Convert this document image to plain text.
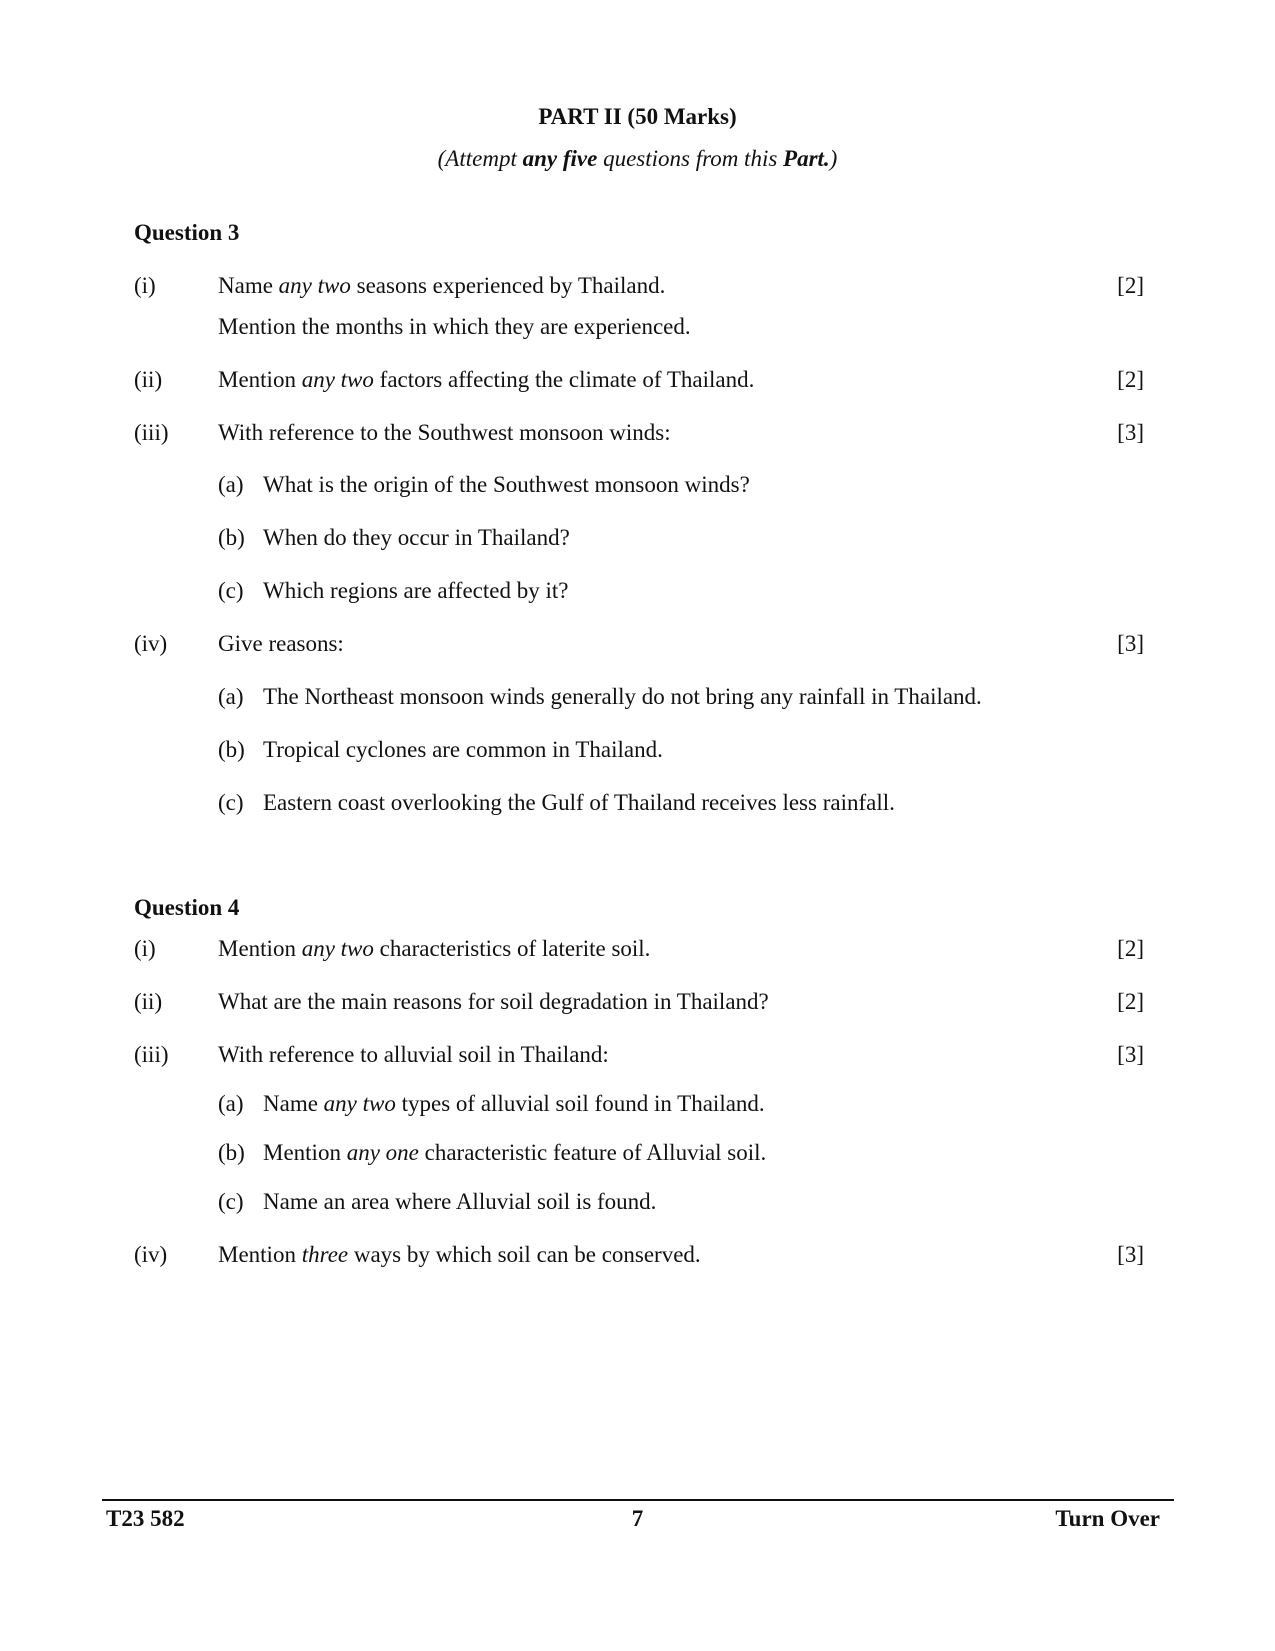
PART II (50 Marks)
(Attempt any five questions from this Part.)
Question 3
(i)	Name any two seasons experienced by Thailand.	[2]
Mention the months in which they are experienced.
(ii) Mention any two factors affecting the climate of Thailand.	[2]
(iii) With reference to the Southwest monsoon winds:	[3]
(a) What is the origin of the Southwest monsoon winds?
(b) When do they occur in Thailand?
(c) Which regions are affected by it?
(iv) Give reasons:	[3]
(a) The Northeast monsoon winds generally do not bring any rainfall in Thailand.
(b) Tropical cyclones are common in Thailand.
(c) Eastern coast overlooking the Gulf of Thailand receives less rainfall.
Question 4
(i)	Mention any two characteristics of laterite soil.	[2]
(ii) What are the main reasons for soil degradation in Thailand?	[2]
(iii) With reference to alluvial soil in Thailand:	[3]
(a) Name any two types of alluvial soil found in Thailand.
(b) Mention any one characteristic feature of Alluvial soil.
(c) Name an area where Alluvial soil is found.
(iv) Mention three ways by which soil can be conserved.	[3]
T23 582	7	Turn Over
